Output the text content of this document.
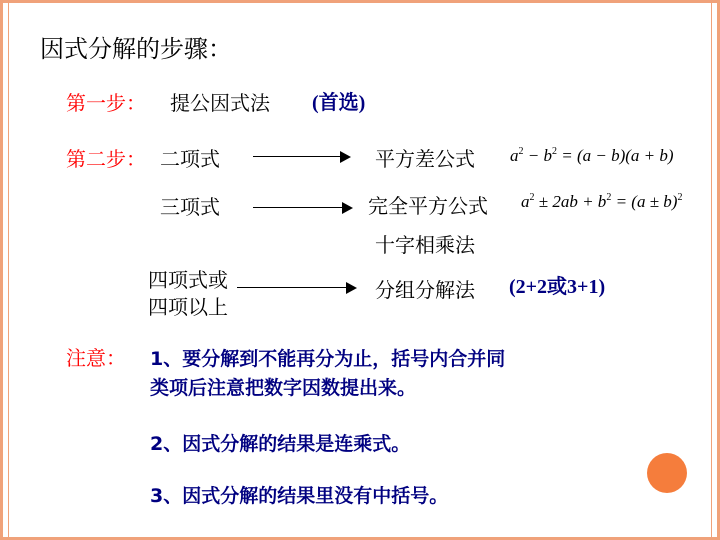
因式分解的步骤：
第一步： 提公因式法 (首选)
第二步： 二项式	平方差公式 $a^2 - b^2 = (a - b)(a + b)$
三项式	完全平方公式 $a^2 \pm 2ab + b^2 = (a \pm b)^2$
十字相乘法
四项式或
四项以上
分组分解法 (2+2或3+1)
注意： 1、要分解到不能再分为止，括号内合并同
类项后注意把数字因数提出来。
2、因式分解的结果是连乘式。
3、因式分解的结果里没有中括号。
